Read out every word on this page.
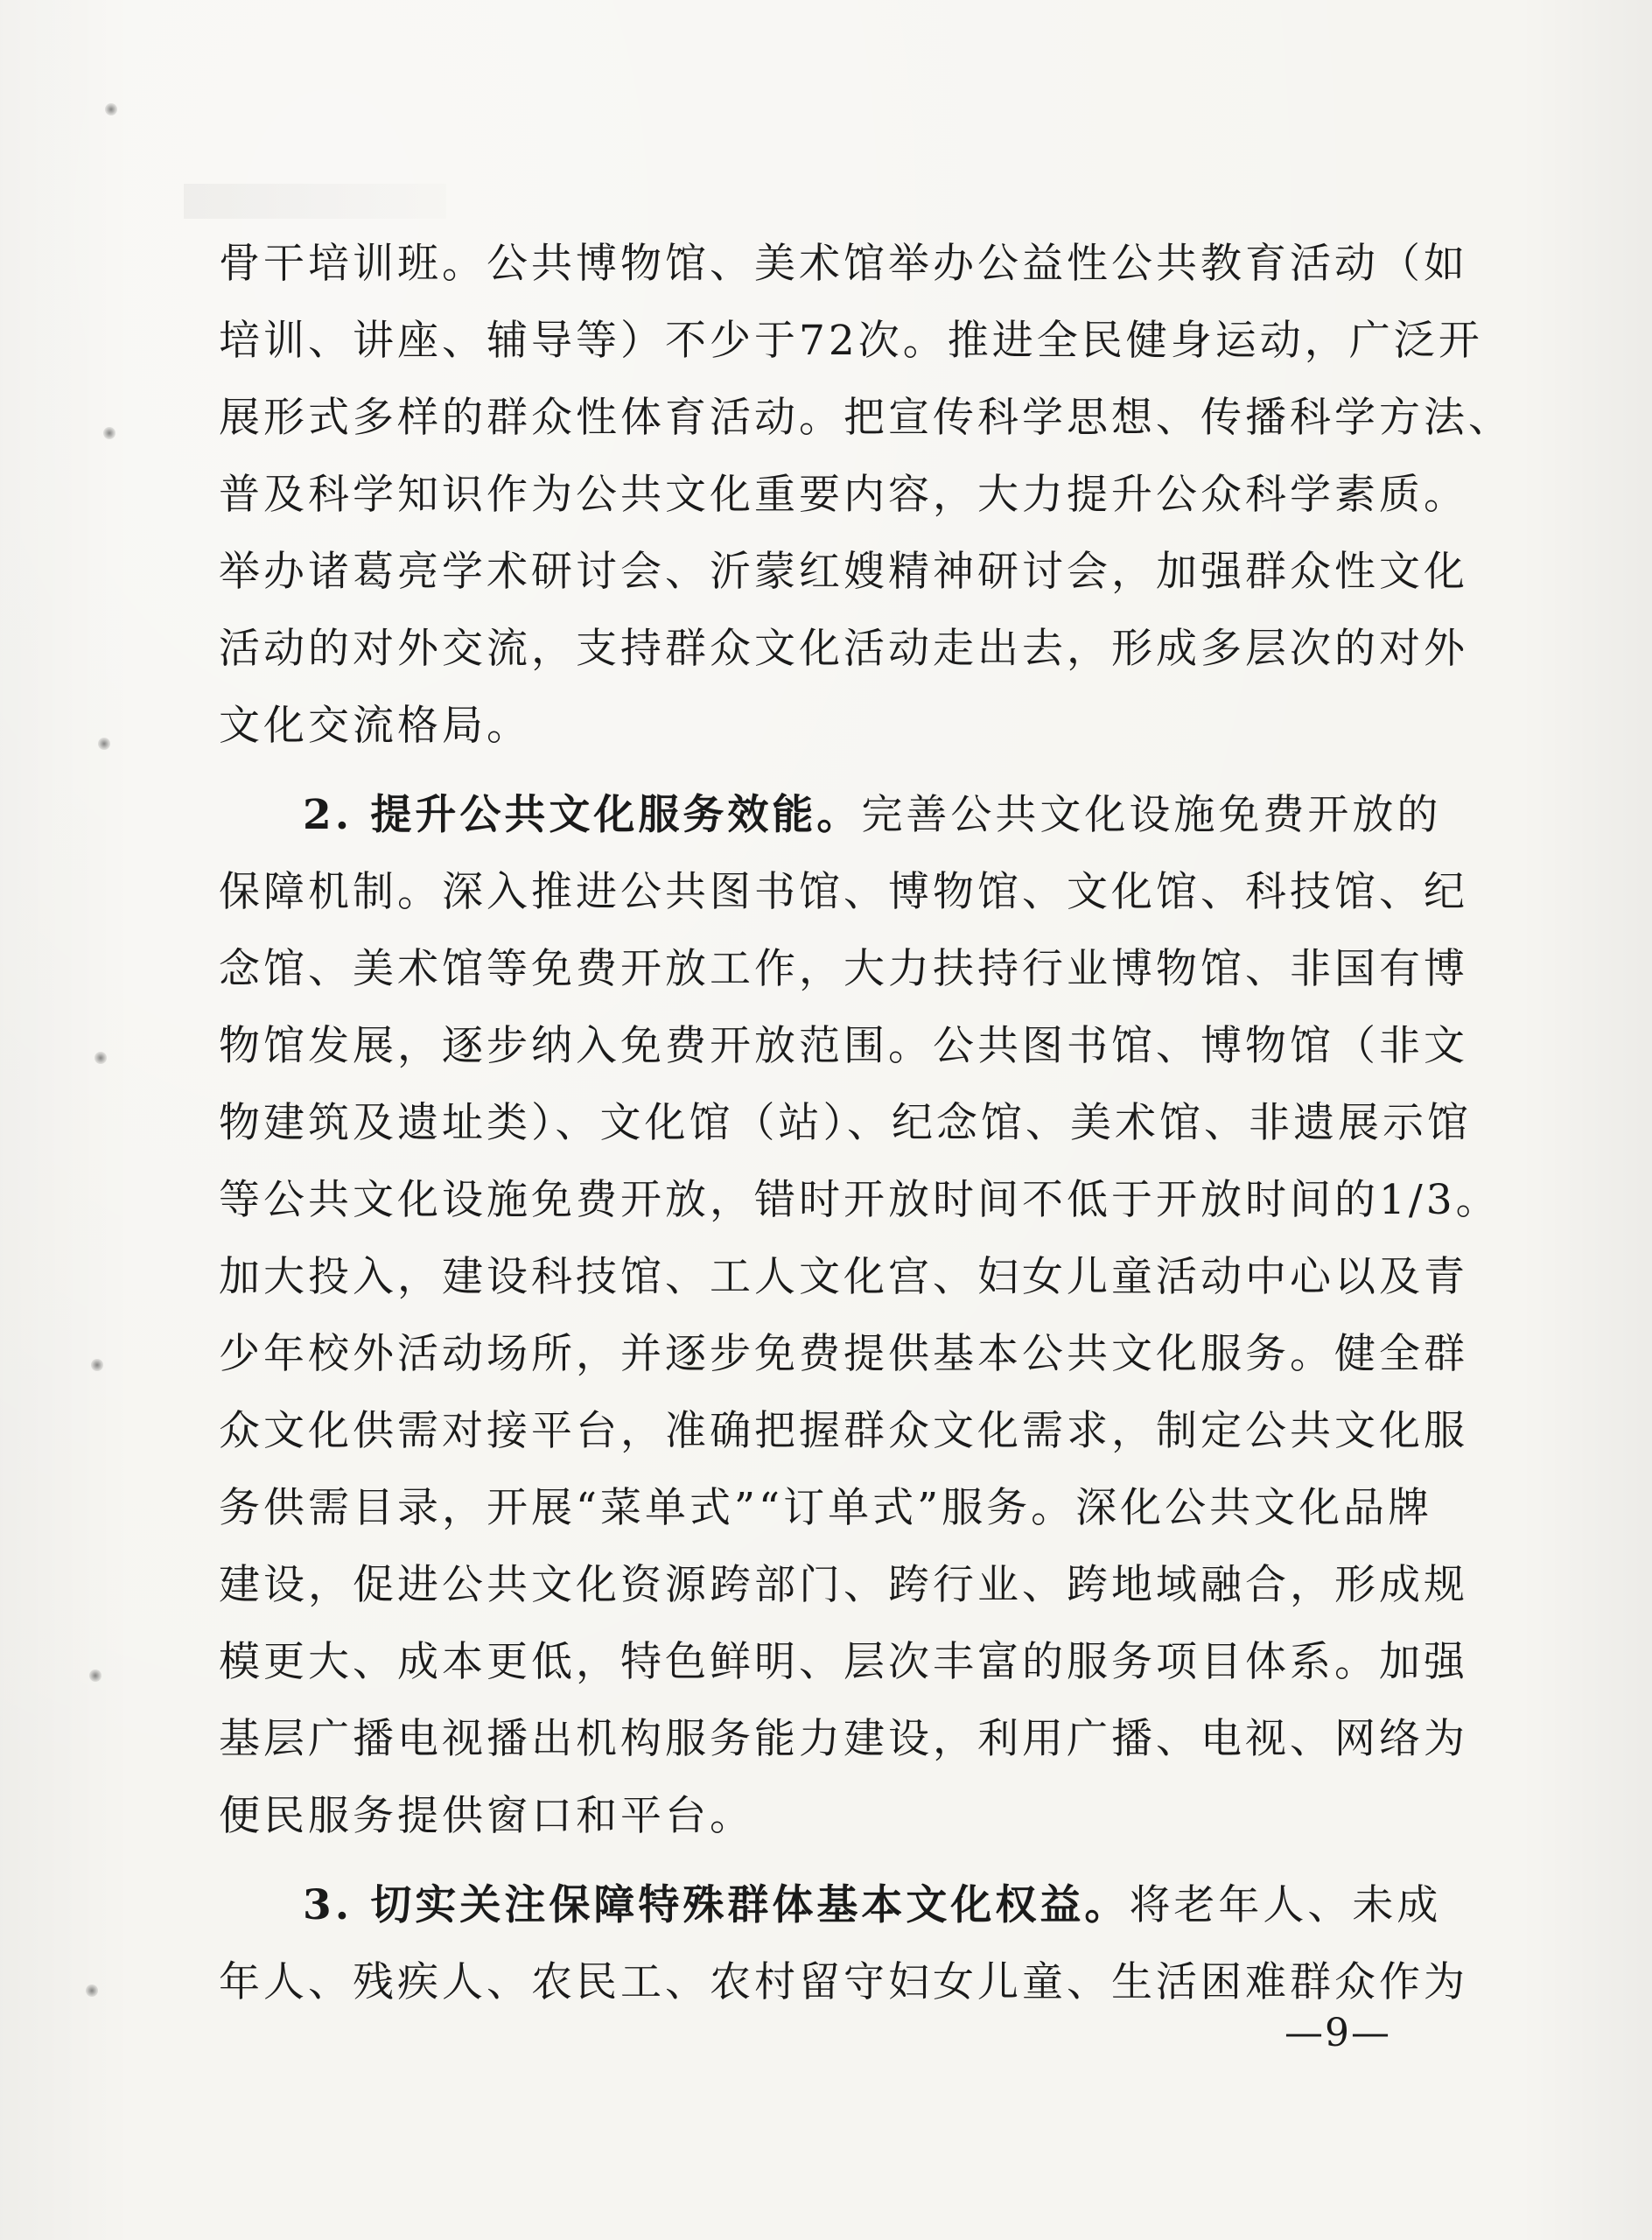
骨干培训班。公共博物馆、美术馆举办公益性公共教育活动（如
培训、讲座、辅导等）不少于72次。推进全民健身运动，广泛开
展形式多样的群众性体育活动。把宣传科学思想、传播科学方法、
普及科学知识作为公共文化重要内容，大力提升公众科学素质。
举办诸葛亮学术研讨会、沂蒙红嫂精神研讨会，加强群众性文化
活动的对外交流，支持群众文化活动走出去，形成多层次的对外
文化交流格局。
2. 提升公共文化服务效能。完善公共文化设施免费开放的
保障机制。深入推进公共图书馆、博物馆、文化馆、科技馆、纪
念馆、美术馆等免费开放工作，大力扶持行业博物馆、非国有博
物馆发展，逐步纳入免费开放范围。公共图书馆、博物馆（非文
物建筑及遗址类）、文化馆（站）、纪念馆、美术馆、非遗展示馆
等公共文化设施免费开放，错时开放时间不低于开放时间的1/3。
加大投入，建设科技馆、工人文化宫、妇女儿童活动中心以及青
少年校外活动场所，并逐步免费提供基本公共文化服务。健全群
众文化供需对接平台，准确把握群众文化需求，制定公共文化服
务供需目录，开展“菜单式”“订单式”服务。深化公共文化品牌
建设，促进公共文化资源跨部门、跨行业、跨地域融合，形成规
模更大、成本更低，特色鲜明、层次丰富的服务项目体系。加强
基层广播电视播出机构服务能力建设，利用广播、电视、网络为
便民服务提供窗口和平台。
3. 切实关注保障特殊群体基本文化权益。将老年人、未成
年人、残疾人、农民工、农村留守妇女儿童、生活困难群众作为
—9—
